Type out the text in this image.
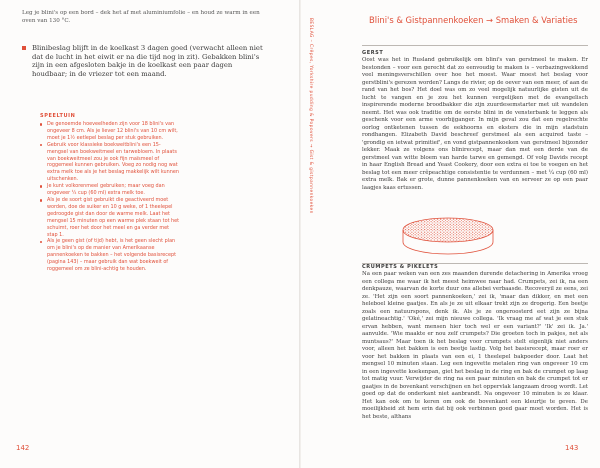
Leg je blini's op een bord – dek het af met aluminiumfolie – en houd ze warm in een oven van 130 °C.
Blinibeslag blijft in de koelkast 3 dagen goed (verwacht alleen niet dat de lucht in het eiwit er na die tijd nog in zit). Gebakken blini's zijn in een afgesloten bakje in de koelkast een paar dagen houdbaar; in de vriezer tot een maand.
SPEELTUIN
De genoemde hoeveelheden zijn voor 18 blini's van ongeveer 8 cm. Als je liever 12 blini's van 10 cm wilt, moet je 1½ eetlepel beslag per stuk gebruiken.
Gebruik voor klassieke boekweitblini's een 15-mengsel van boekweitmeel en tarwebloem. In plaats van boekweitmeel zou je ook fijn maïsmeel of roggemeel kunnen gebruiken. Voeg zo nodig nog wat extra melk toe als je het beslag makkelijk wilt kunnen uitschenken.
Je kunt volkorenmeel gebruiken; maar voeg dan ongeveer ¼ cup (60 ml) extra melk toe.
Als je de soort gist gebruikt die geactiveerd moet worden, doe de suiker en 10 g weke, of 1 theelepel gedroogde gist dan door de warme melk. Laat het mengsel 15 minuten op een warme plek staan tot het schuimt, roer het door het meel en ga verder met stap 1.
Als je geen gist (of tijd) hebt, is het geen slecht plan om je blini's op de manier van Amerikaanse pannenkoeken te bakken – het volgende basisrecept (pagina 143) – maar gebruik dan wat boekweit of roggemeel om ze blini-achtig te houden.
142
BESLAG – Crêpes, Yorkshire pudding & Popovers → Gist & gistpannenkoeken	Blini's & Gistpannenkoeken → Smaken & Variaties
GERST
Oost was het in Rusland gebruikelijk om blini's van gerstmeel te maken. Er bestonden – voor een gerecht dat zo eenvoudig te maken is – verbazingwekkend veel meningsverschillen over hoe het moest. Waar moest het beslag voor gerstblini's gerezen worden? Langs de rivier, op de oever van een meer, of aan de rand van het bos? Het doel was om zo veel mogelijk natuurlijke gisten uit de lucht te vangen en je zou het kunnen vergelijken met de evangelisch inspirerende moderne broodbakker die zijn zuurdesemstarter met uit wandelen neemt. Het was ook traditie om de eerste blini in de vensterbank te leggen als geschenk voor een arme voorbijganger. In mijn geval zou dat een regelrechte oorlog ontketenen tussen de eekhoorns en eksters die in mijn stadstuin rondhangen. Elizabeth David beschreef gerstmeel als een acquired taste – 'grondig en ietwat primitief', en vond gistpannenkoeken van gerstmeel bijzonder lekker. Maak ze volgens ons blinirecept, maar dan met een derde van de gerstmeel van witte bloem van harde tarwe en gemengd. Of volg Davids recept in haar English Bread and Yeast Cookery, door een extra ei toe te voegen en het beslag tot een meer crêpeachtige consistentie te verdunnen – met ¼ cup (60 ml) extra melk. Bak er grote, dunne pannenkoeken van en serveer ze op een paar laagjes kaas ertussen.
CRUMPETS & PIKELETS
Na een paar weken van een zes maanden durende detachering in Amerika vroeg een collega me waar ik het meest heimwee naar had. Crumpets, zei ik, na een denkpauze, waarvan de korte duur ons allebei verbaasde. Recoveryil ze eens, zei ze. 'Het zijn een soort pannenkoeken,' zei ik, 'maar dan dikker, en met een heleboel kleine gaatjes. En als je ze uit elkaar trekt zijn ze drogerig. Een beetje zoals een natuurspons, denk ik. Als je ze ongeroosterd eet zijn ze bijna gelatineachtig.' 'Oké,' zei mijn nieuwe collega. 'Ik vraag me af wat je een stuk ervan hebben, want mensen hier toch wel er een variant?' 'Ik' zei ik. Ja.' aanvulde. 'Wie maakte er nou zelf crumpets? Die groeten toch in pakjes, net als muntsaus?' Maar toen ik het beslag voor crumpets stelt eigenlijk niet anders voor, alleen het bakken is een beetje lastig. Volg het basisrecept, maar roer er voor het bakken in plaats van een ei, 1 theelepel bakpoeder door. Laat het mengsel 10 minuten staan. Leg een ingevette metalen ring van ongeveer 10 cm in een ingevette koekenpan, giet het beslag in de ring en bak de crumpet op laag tot matig vuur. Verwijder de ring na een paar minuten en bak de crumpet tot er gaatjes in de bovenkant verschijnen en het oppervlak langzaam droog wordt. Let goed op dat de onderkant niet aanbrandt. Na ongeveer 10 minuten is ze klaar. Het kan ook om te keren om ook de bovenkant een kleurtje te geven. De moeilijkheid zit hem erin dat bij ook verbinnen goed gaar moet worden. Het is het beste, althans
143
